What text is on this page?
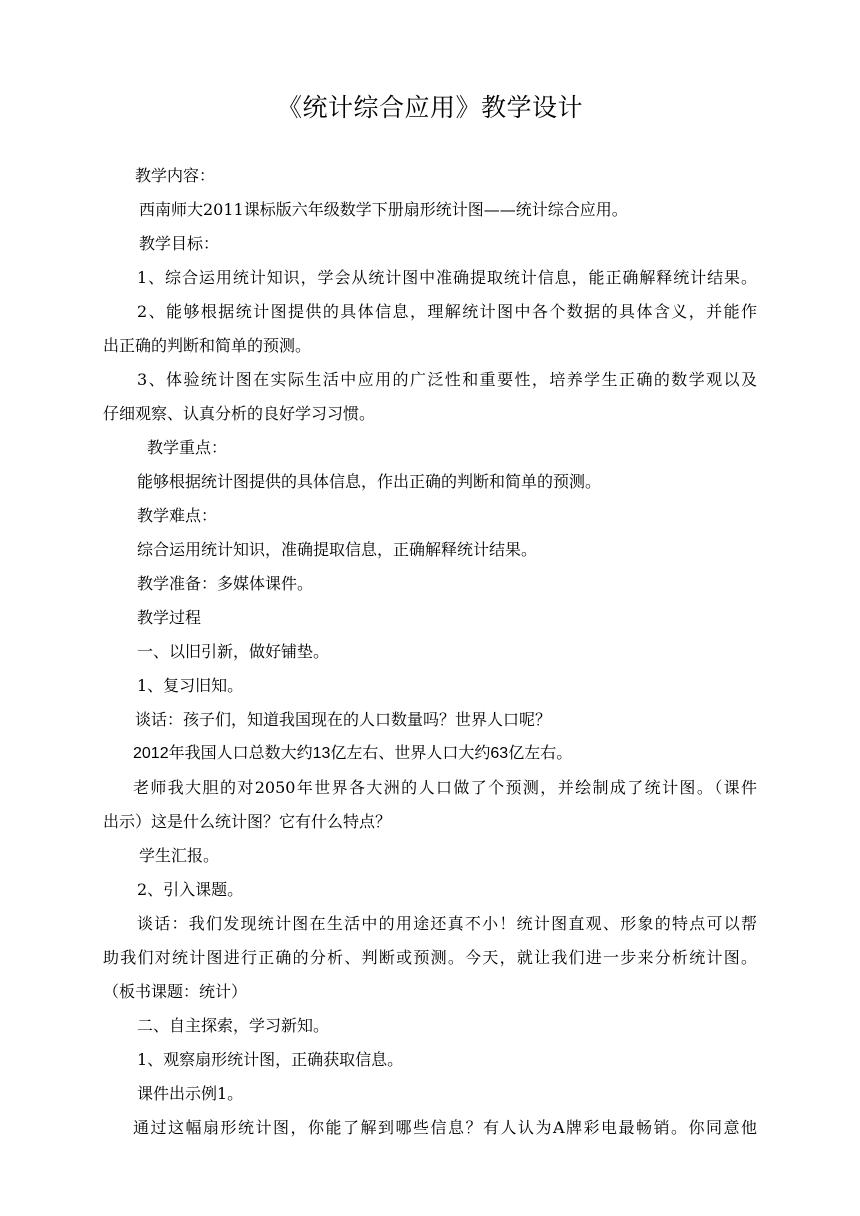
《统计综合应用》教学设计
教学内容：
西南师大2011课标版六年级数学下册扇形统计图——统计综合应用。
教学目标：
1、综合运用统计知识，学会从统计图中准确提取统计信息，能正确解释统计结果。
2、能够根据统计图提供的具体信息，理解统计图中各个数据的具体含义，并能作
出正确的判断和简单的预测。
3、体验统计图在实际生活中应用的广泛性和重要性，培养学生正确的数学观以及
仔细观察、认真分析的良好学习习惯。
教学重点：
能够根据统计图提供的具体信息，作出正确的判断和简单的预测。
教学难点：
综合运用统计知识，准确提取信息，正确解释统计结果。
教学准备：多媒体课件。
教学过程
一、以旧引新，做好铺垫。
1、复习旧知。
谈话：孩子们，知道我国现在的人口数量吗？世界人口呢？
2012年我国人口总数大约13亿左右、世界人口大约63亿左右。
老师我大胆的对2050年世界各大洲的人口做了个预测，并绘制成了统计图。（课件
出示）这是什么统计图？它有什么特点？
学生汇报。
2、引入课题。
谈话：我们发现统计图在生活中的用途还真不小！统计图直观、形象的特点可以帮
助我们对统计图进行正确的分析、判断或预测。今天，就让我们进一步来分析统计图。
（板书课题：统计）
二、自主探索，学习新知。
1、观察扇形统计图，正确获取信息。
课件出示例1。
通过这幅扇形统计图，你能了解到哪些信息？有人认为A牌彩电最畅销。你同意他
